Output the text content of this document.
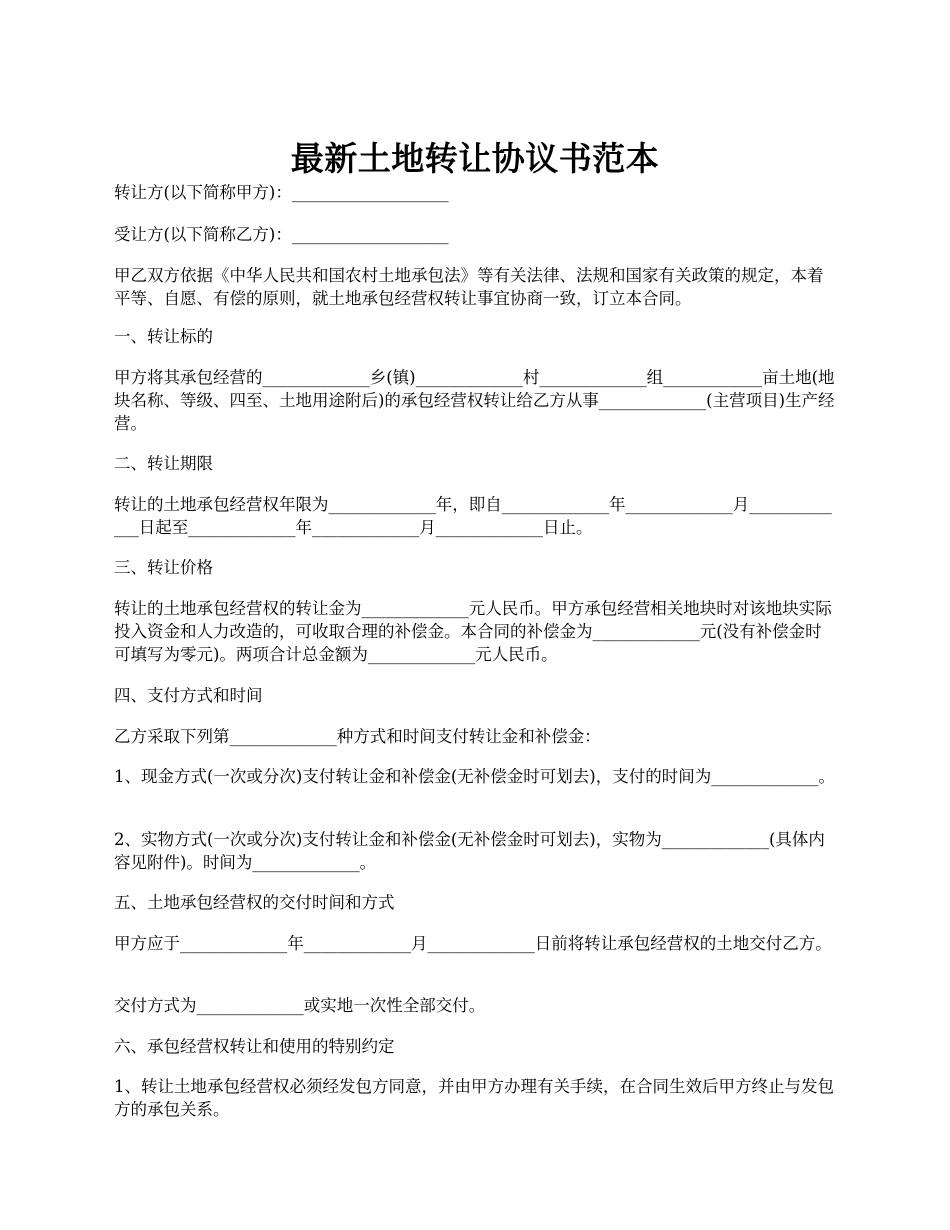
最新土地转让协议书范本

转让方(以下简称甲方)：___________________

受让方(以下简称乙方)：___________________

甲乙双方依据《中华人民共和国农村土地承包法》等有关法律、法规和国家有关政策的规定，本着平等、自愿、有偿的原则，就土地承包经营权转让事宜协商一致，订立本合同。

一、转让标的

甲方将其承包经营的_____________乡(镇)_____________村_____________组____________亩土地(地块名称、等级、四至、土地用途附后)的承包经营权转让给乙方从事_____________(主营项目)生产经营。

二、转让期限

转让的土地承包经营权年限为_____________年，即自_____________年_____________月_____________日起至_____________年_____________月_____________日止。

三、转让价格

转让的土地承包经营权的转让金为_____________元人民币。甲方承包经营相关地块时对该地块实际投入资金和人力改造的，可收取合理的补偿金。本合同的补偿金为_____________元(没有补偿金时可填写为零元)。两项合计总金额为_____________元人民币。

四、支付方式和时间

乙方采取下列第_____________种方式和时间支付转让金和补偿金：

1、现金方式(一次或分次)支付转让金和补偿金(无补偿金时可划去)，支付的时间为_____________。

2、实物方式(一次或分次)支付转让金和补偿金(无补偿金时可划去)，实物为_____________(具体内容见附件)。时间为_____________。

五、土地承包经营权的交付时间和方式

甲方应于_____________年_____________月_____________日前将转让承包经营权的土地交付乙方。

交付方式为_____________或实地一次性全部交付。

六、承包经营权转让和使用的特别约定

1、转让土地承包经营权必须经发包方同意，并由甲方办理有关手续，在合同生效后甲方终止与发包方的承包关系。
